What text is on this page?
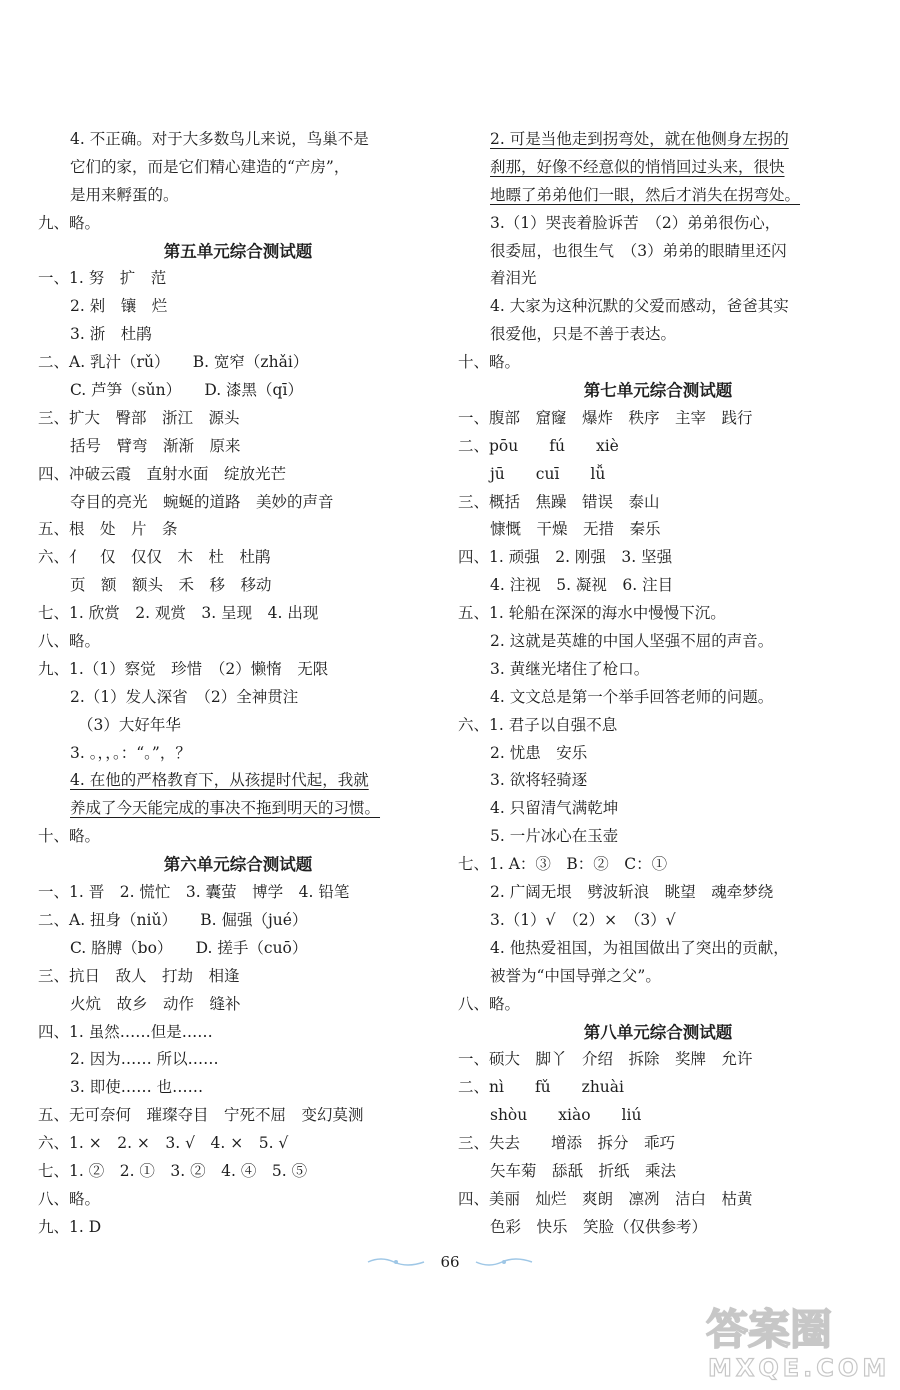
4. 不正确。对于大多数鸟儿来说，鸟巢不是
它们的家，而是它们精心建造的“产房”，
是用来孵蛋的。
九、略。
第五单元综合测试题
一、1. 努　扩　范
2. 剁　镶　烂
3. 浙　杜鹃
二、A. 乳汁（rǔ）　　B. 宽窄（zhǎi）
C. 芦笋（sǔn）　　D. 漆黑（qī）
三、扩大　臀部　浙江　源头
括号　臂弯　渐渐　原来
四、冲破云霞　直射水面　绽放光芒
夺目的亮光　蜿蜒的道路　美妙的声音
五、根　处　片　条
六、亻　仅　仅仅　木　杜　杜鹃
页　额　额头　禾　移　移动
七、1. 欣赏　2. 观赏　3. 呈现　4. 出现
八、略。
九、1.（1）察觉　珍惜　（2）懒惰　无限
2.（1）发人深省　（2）全神贯注
（3）大好年华
3. 。，，。：“。”，？
4. 在他的严格教育下，从孩提时代起，我就
养成了今天能完成的事决不拖到明天的习惯。
十、略。
第六单元综合测试题
一、1. 晋　2. 慌忙　3. 囊萤　博学　4. 铅笔
二、A. 扭身（niǔ）　　B. 倔强（jué）
C. 胳膊（bo）　　D. 搓手（cuō）
三、抗日　敌人　打劫　相逢
火炕　故乡　动作　缝补
四、1. 虽然……但是……
2. 因为…… 所以……
3. 即使…… 也……
五、无可奈何　璀璨夺目　宁死不屈　变幻莫测
六、1. ×　2. ×　3. √　4. ×　5. √
七、1. ②　2. ①　3. ②　4. ④　5. ⑤
八、略。
九、1. D
2. 可是当他走到拐弯处，就在他侧身左拐的
刹那，好像不经意似的悄悄回过头来，很快
地瞟了弟弟他们一眼，然后才消失在拐弯处。
3.（1）哭丧着脸诉苦　（2）弟弟很伤心，
很委屈，也很生气　（3）弟弟的眼睛里还闪
着泪光
4. 大家为这种沉默的父爱而感动，爸爸其实
很爱他，只是不善于表达。
十、略。
第七单元综合测试题
一、腹部　窟窿　爆炸　秩序　主宰　践行
二、pōu　　fú　　xiè
jū　　cuī　　lǚ
三、概括　焦躁　错误　泰山
慷慨　干燥　无措　秦乐
四、1. 顽强　2. 刚强　3. 坚强
4. 注视　5. 凝视　6. 注目
五、1. 轮船在深深的海水中慢慢下沉。
2. 这就是英雄的中国人坚强不屈的声音。
3. 黄继光堵住了枪口。
4. 文文总是第一个举手回答老师的问题。
六、1. 君子以自强不息
2. 忧患　安乐
3. 欲将轻骑逐
4. 只留清气满乾坤
5. 一片冰心在玉壶
七、1. A：③　B：②　C：①
2. 广阔无垠　劈波斩浪　眺望　魂牵梦绕
3.（1）√　（2）×　（3）√
4. 他热爱祖国，为祖国做出了突出的贡献，
被誉为“中国导弹之父”。
八、略。
第八单元综合测试题
一、硕大　脚丫　介绍　拆除　奖牌　允许
二、nì　　fǔ　　zhuài
shòu　　xiào　　liú
三、失去　　增添　拆分　乖巧
矢车菊　舔舐　折纸　乘法
四、美丽　灿烂　爽朗　凛冽　洁白　枯黄
色彩　快乐　笑脸（仅供参考）
66
答案圈
MXQE.COM
